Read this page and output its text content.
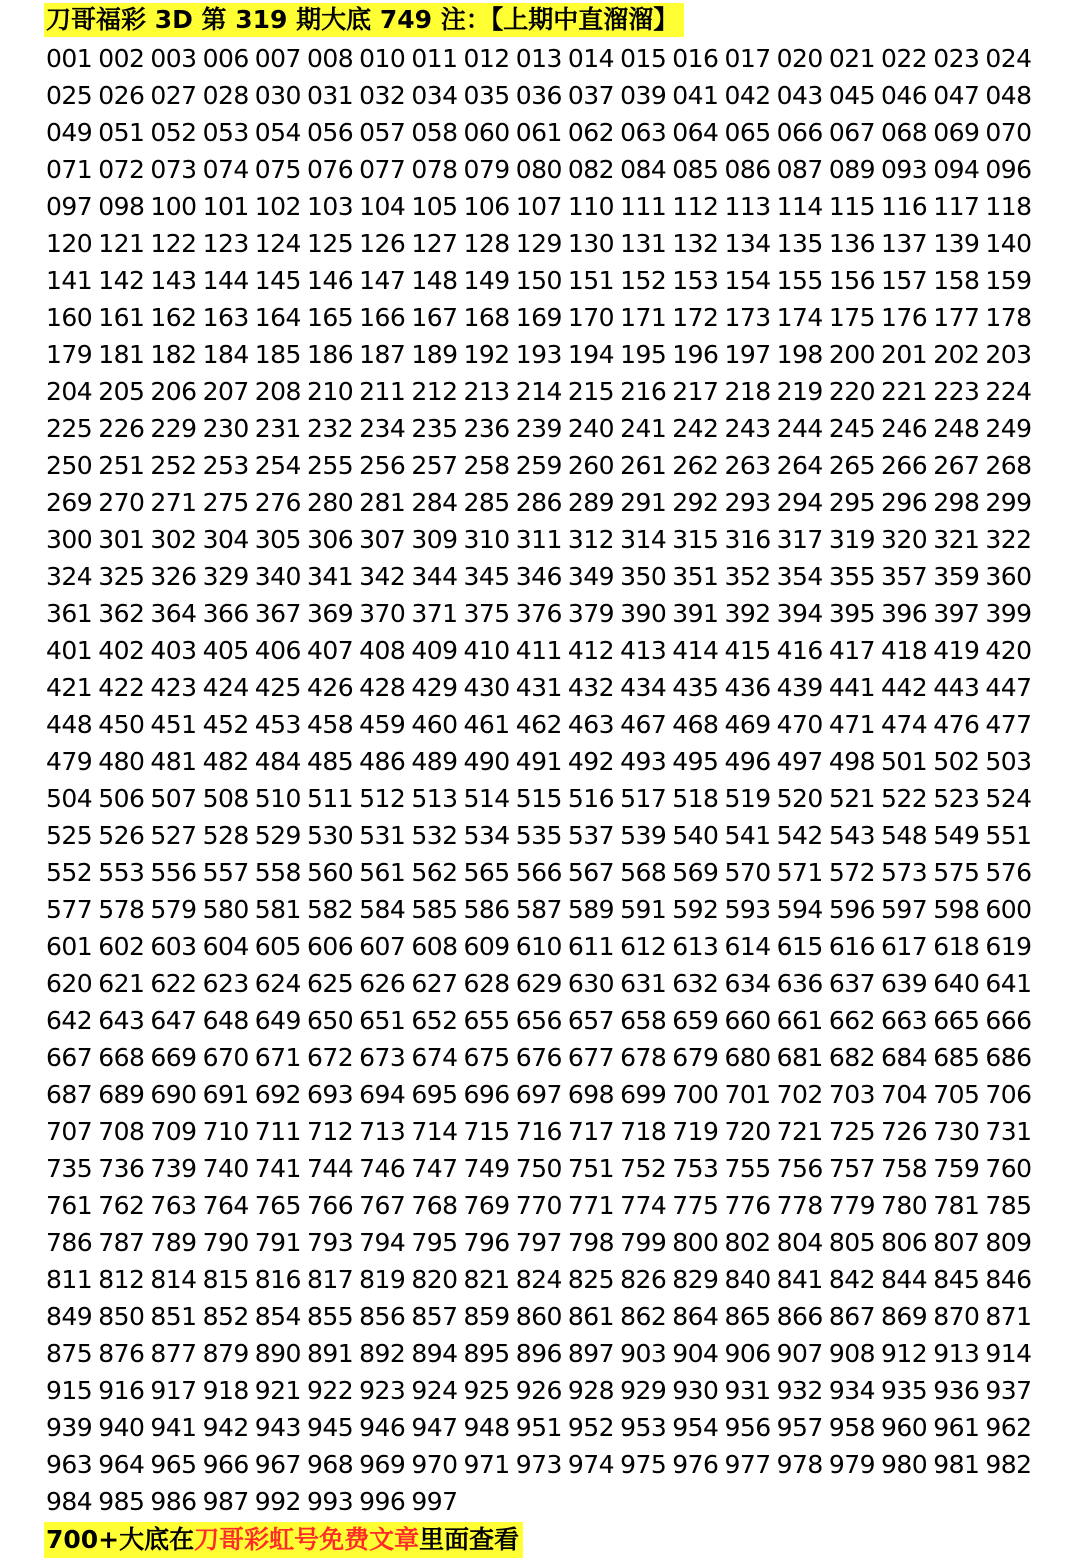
刀哥福彩 3D 第 319 期大底 749 注：【上期中直溜溜】
001 002 003 006 007 008 010 011 012 013 014 015 016 017 020 021 022 023 024
025 026 027 028 030 031 032 034 035 036 037 039 041 042 043 045 046 047 048
049 051 052 053 054 056 057 058 060 061 062 063 064 065 066 067 068 069 070
071 072 073 074 075 076 077 078 079 080 082 084 085 086 087 089 093 094 096
097 098 100 101 102 103 104 105 106 107 110 111 112 113 114 115 116 117 118
120 121 122 123 124 125 126 127 128 129 130 131 132 134 135 136 137 139 140
141 142 143 144 145 146 147 148 149 150 151 152 153 154 155 156 157 158 159
160 161 162 163 164 165 166 167 168 169 170 171 172 173 174 175 176 177 178
179 181 182 184 185 186 187 189 192 193 194 195 196 197 198 200 201 202 203
204 205 206 207 208 210 211 212 213 214 215 216 217 218 219 220 221 223 224
225 226 229 230 231 232 234 235 236 239 240 241 242 243 244 245 246 248 249
250 251 252 253 254 255 256 257 258 259 260 261 262 263 264 265 266 267 268
269 270 271 275 276 280 281 284 285 286 289 291 292 293 294 295 296 298 299
300 301 302 304 305 306 307 309 310 311 312 314 315 316 317 319 320 321 322
324 325 326 329 340 341 342 344 345 346 349 350 351 352 354 355 357 359 360
361 362 364 366 367 369 370 371 375 376 379 390 391 392 394 395 396 397 399
401 402 403 405 406 407 408 409 410 411 412 413 414 415 416 417 418 419 420
421 422 423 424 425 426 428 429 430 431 432 434 435 436 439 441 442 443 447
448 450 451 452 453 458 459 460 461 462 463 467 468 469 470 471 474 476 477
479 480 481 482 484 485 486 489 490 491 492 493 495 496 497 498 501 502 503
504 506 507 508 510 511 512 513 514 515 516 517 518 519 520 521 522 523 524
525 526 527 528 529 530 531 532 534 535 537 539 540 541 542 543 548 549 551
552 553 556 557 558 560 561 562 565 566 567 568 569 570 571 572 573 575 576
577 578 579 580 581 582 584 585 586 587 589 591 592 593 594 596 597 598 600
601 602 603 604 605 606 607 608 609 610 611 612 613 614 615 616 617 618 619
620 621 622 623 624 625 626 627 628 629 630 631 632 634 636 637 639 640 641
642 643 647 648 649 650 651 652 655 656 657 658 659 660 661 662 663 665 666
667 668 669 670 671 672 673 674 675 676 677 678 679 680 681 682 684 685 686
687 689 690 691 692 693 694 695 696 697 698 699 700 701 702 703 704 705 706
707 708 709 710 711 712 713 714 715 716 717 718 719 720 721 725 726 730 731
735 736 739 740 741 744 746 747 749 750 751 752 753 755 756 757 758 759 760
761 762 763 764 765 766 767 768 769 770 771 774 775 776 778 779 780 781 785
786 787 789 790 791 793 794 795 796 797 798 799 800 802 804 805 806 807 809
811 812 814 815 816 817 819 820 821 824 825 826 829 840 841 842 844 845 846
849 850 851 852 854 855 856 857 859 860 861 862 864 865 866 867 869 870 871
875 876 877 879 890 891 892 894 895 896 897 903 904 906 907 908 912 913 914
915 916 917 918 921 922 923 924 925 926 928 929 930 931 932 934 935 936 937
939 940 941 942 943 945 946 947 948 951 952 953 954 956 957 958 960 961 962
963 964 965 966 967 968 969 970 971 973 974 975 976 977 978 979 980 981 982
984 985 986 987 992 993 996 997
700+大底在刀哥彩虹号免费文章里面查看
